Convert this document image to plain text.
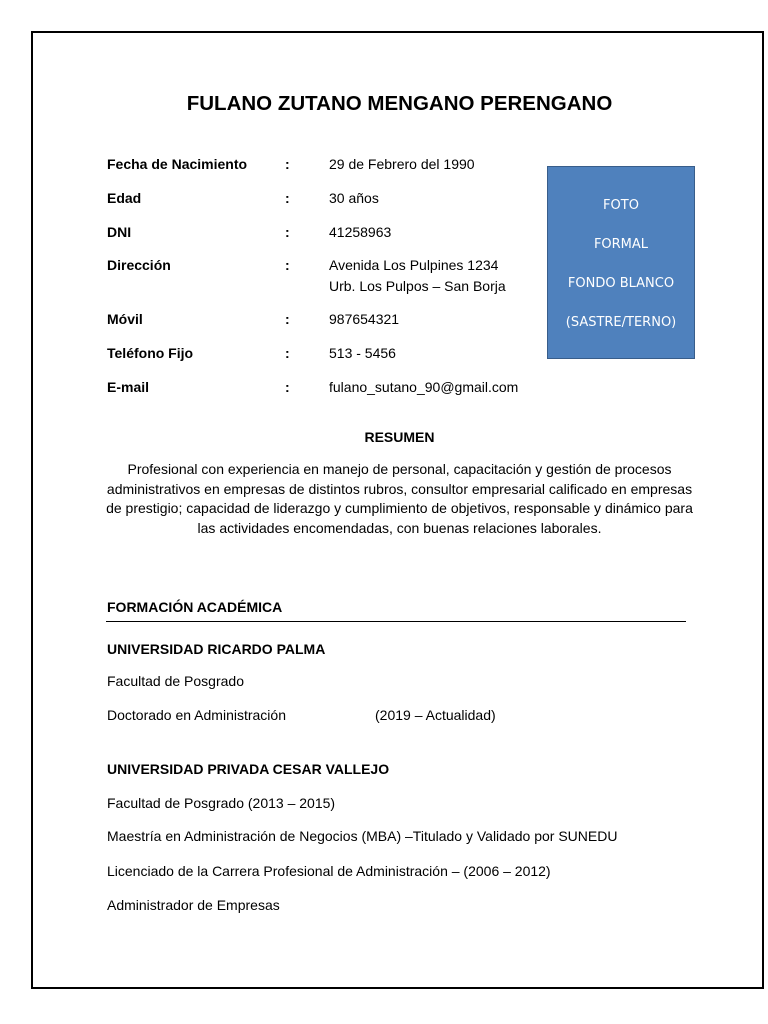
FULANO ZUTANO MENGANO PERENGANO
Fecha de Nacimiento	:	29 de Febrero del 1990
Edad	:	30 años
DNI	:	41258963
Dirección	:	Avenida Los Pulpines 1234
Urb. Los Pulpos – San Borja
Móvil	:	987654321
Teléfono Fijo	:	513 - 5456
E-mail	:	fulano_sutano_90@gmail.com
FOTO
FORMAL
FONDO BLANCO
(SASTRE/TERNO)
RESUMEN
Profesional con experiencia en manejo de personal, capacitación y gestión de procesos administrativos en empresas de distintos rubros, consultor empresarial calificado en empresas de prestigio; capacidad de liderazgo y cumplimiento de objetivos, responsable y dinámico para las actividades encomendadas, con buenas relaciones laborales.
FORMACIÓN ACADÉMICA
UNIVERSIDAD RICARDO PALMA
Facultad de Posgrado
Doctorado en Administración	(2019 – Actualidad)
UNIVERSIDAD PRIVADA CESAR VALLEJO
Facultad de Posgrado (2013 – 2015)
Maestría en Administración de Negocios (MBA) –Titulado y Validado por SUNEDU
Licenciado de la Carrera Profesional de Administración – (2006 – 2012)
Administrador de Empresas
